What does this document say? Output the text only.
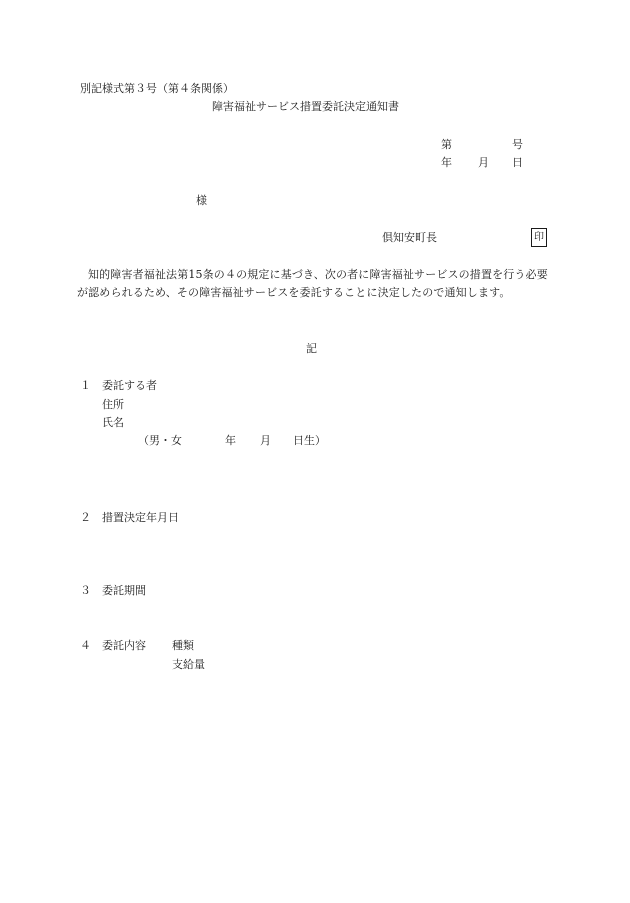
別記様式第３号（第４条関係）
障害福祉サービス措置委託決定通知書
第	号
年 月 日
様
倶知安町長	印
知的障害者福祉法第15条の４の規定に基づき、次の者に障害福祉サービスの措置を行う必要が認められるため、その障害福祉サービスを委託することに決定したので通知します。
記
１ 委託する者
住所
氏名
（男・女	年 月 日生）
２ 措置決定年月日
３ 委託期間
４ 委託内容 種類
支給量
